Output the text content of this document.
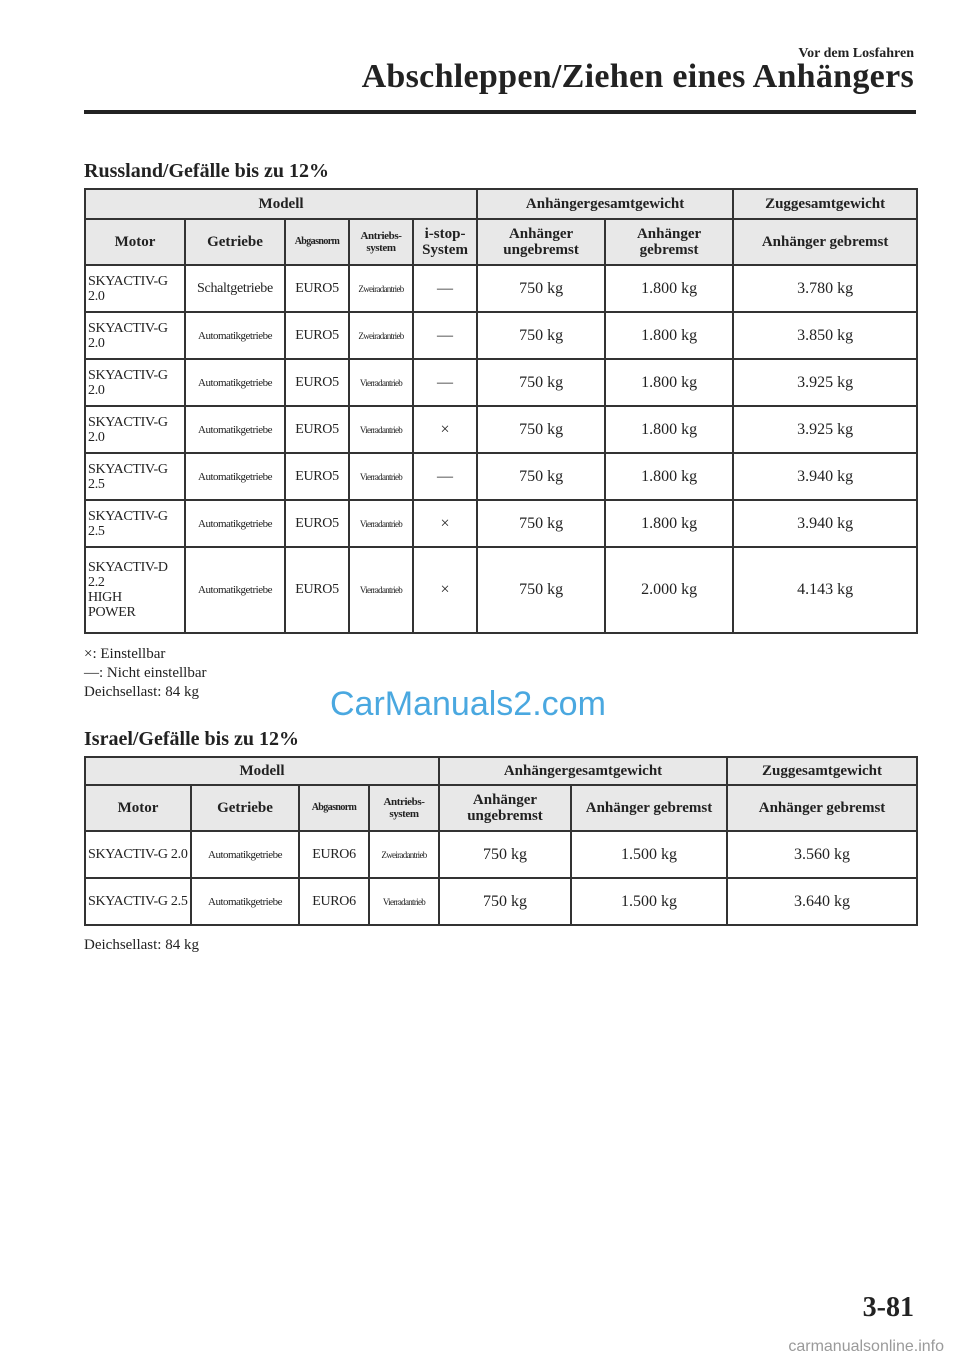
Vor dem Losfahren
Abschleppen/Ziehen eines Anhängers
Russland/Gefälle bis zu 12%
Modell					Anhängergesamtgewicht		Zuggesamtgewicht
Motor	Getriebe	Abgasnorm	Antriebs-system	i-stop-System	Anhänger ungebremst	Anhänger gebremst	Anhänger gebremst
SKYACTIV-G 2.0	Schaltgetriebe	EURO5	Zweiradantrieb	—	750 kg	1.800 kg	3.780 kg
SKYACTIV-G 2.0	Automatikgetriebe	EURO5	Zweiradantrieb	—	750 kg	1.800 kg	3.850 kg
SKYACTIV-G 2.0	Automatikgetriebe	EURO5	Vierradantrieb	—	750 kg	1.800 kg	3.925 kg
SKYACTIV-G 2.0	Automatikgetriebe	EURO5	Vierradantrieb	×	750 kg	1.800 kg	3.925 kg
SKYACTIV-G 2.5	Automatikgetriebe	EURO5	Vierradantrieb	—	750 kg	1.800 kg	3.940 kg
SKYACTIV-G 2.5	Automatikgetriebe	EURO5	Vierradantrieb	×	750 kg	1.800 kg	3.940 kg
SKYACTIV-D 2.2 HIGH POWER	Automatikgetriebe	EURO5	Vierradantrieb	×	750 kg	2.000 kg	4.143 kg
×: Einstellbar
—: Nicht einstellbar
Deichsellast: 84 kg	CarManuals2.com
Israel/Gefälle bis zu 12%
Modell				Anhängergesamtgewicht		Zuggesamtgewicht
Motor	Getriebe	Abgasnorm	Antriebs-system	Anhänger ungebremst	Anhänger gebremst	Anhänger gebremst
SKYACTIV-G 2.0	Automatikgetriebe	EURO6	Zweiradantrieb	750 kg	1.500 kg	3.560 kg
SKYACTIV-G 2.5	Automatikgetriebe	EURO6	Vierradantrieb	750 kg	1.500 kg	3.640 kg
Deichsellast: 84 kg
3-81
carmanualsonline.info
